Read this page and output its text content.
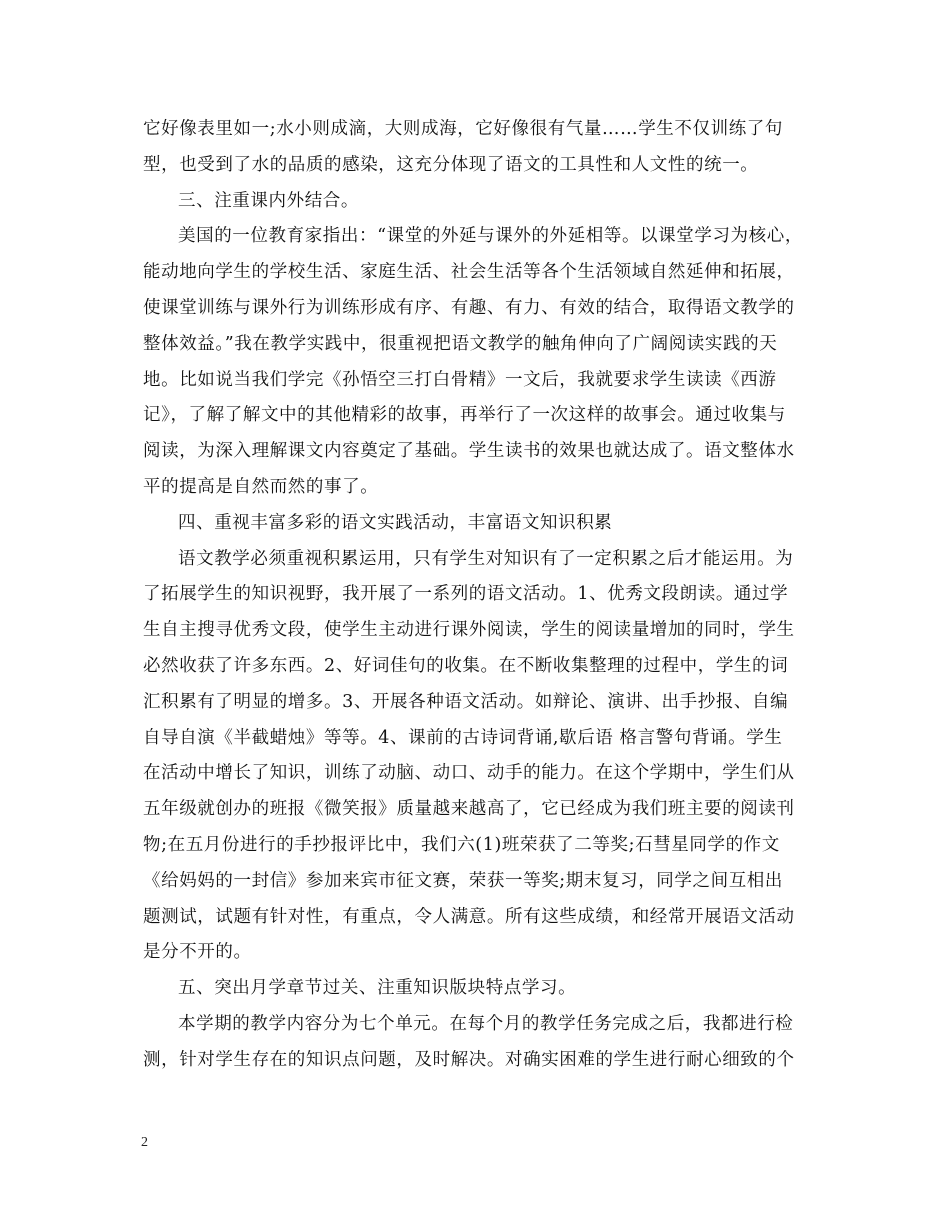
它好像表里如一;水小则成滴，大则成海，它好像很有气量……学生不仅训练了句
型，也受到了水的品质的感染，这充分体现了语文的工具性和人文性的统一。
三、注重课内外结合。
美国的一位教育家指出：“课堂的外延与课外的外延相等。以课堂学习为核心，
能动地向学生的学校生活、家庭生活、社会生活等各个生活领域自然延伸和拓展，
使课堂训练与课外行为训练形成有序、有趣、有力、有效的结合，取得语文教学的
整体效益。”我在教学实践中，很重视把语文教学的触角伸向了广阔阅读实践的天
地。比如说当我们学完《孙悟空三打白骨精》一文后，我就要求学生读读《西游
记》，了解了解文中的其他精彩的故事，再举行了一次这样的故事会。通过收集与
阅读，为深入理解课文内容奠定了基础。学生读书的效果也就达成了。语文整体水
平的提高是自然而然的事了。
四、重视丰富多彩的语文实践活动，丰富语文知识积累
语文教学必须重视积累运用，只有学生对知识有了一定积累之后才能运用。为
了拓展学生的知识视野，我开展了一系列的语文活动。1、优秀文段朗读。通过学
生自主搜寻优秀文段，使学生主动进行课外阅读，学生的阅读量增加的同时，学生
必然收获了许多东西。2、好词佳句的收集。在不断收集整理的过程中，学生的词
汇积累有了明显的增多。3、开展各种语文活动。如辩论、演讲、出手抄报、自编
自导自演《半截蜡烛》等等。4、课前的古诗词背诵,歇后语 格言警句背诵。学生
在活动中增长了知识，训练了动脑、动口、动手的能力。在这个学期中，学生们从
五年级就创办的班报《微笑报》质量越来越高了，它已经成为我们班主要的阅读刊
物;在五月份进行的手抄报评比中，我们六(1)班荣获了二等奖;石彗星同学的作文
《给妈妈的一封信》参加来宾市征文赛，荣获一等奖;期末复习，同学之间互相出
题测试，试题有针对性，有重点，令人满意。所有这些成绩，和经常开展语文活动
是分不开的。
五、突出月学章节过关、注重知识版块特点学习。
本学期的教学内容分为七个单元。在每个月的教学任务完成之后，我都进行检
测，针对学生存在的知识点问题，及时解决。对确实困难的学生进行耐心细致的个
2
